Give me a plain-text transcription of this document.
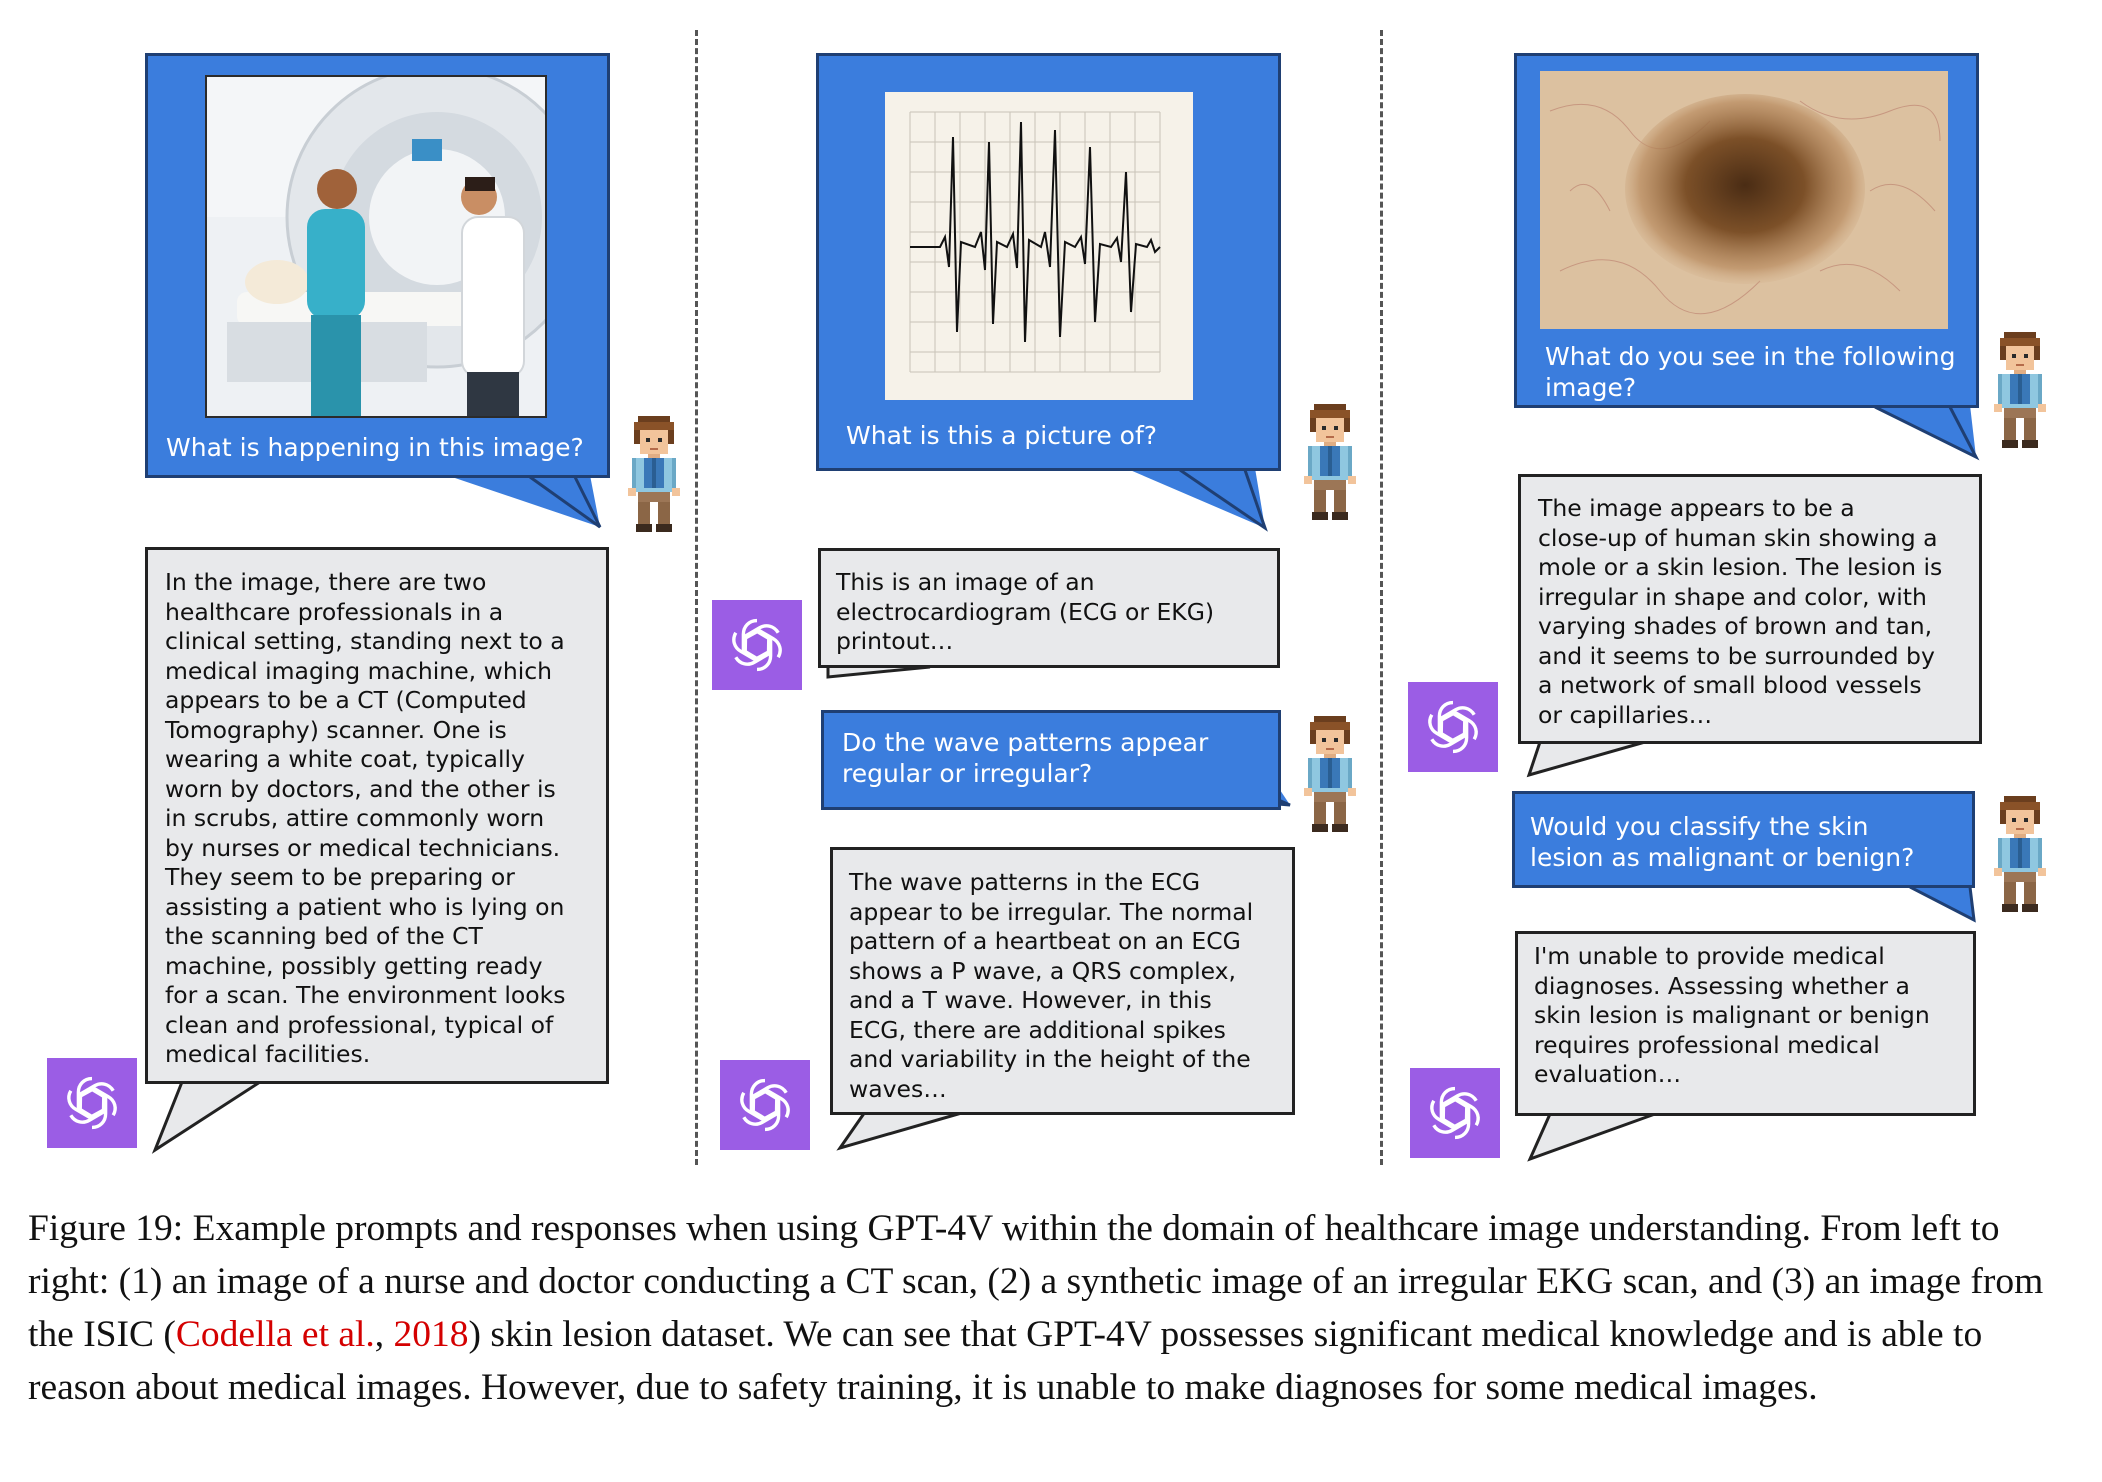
What is happening in this image?
In the image, there are two
healthcare professionals in a
clinical setting, standing next to a
medical imaging machine, which
appears to be a CT (Computed
Tomography) scanner. One is
wearing a white coat, typically
worn by doctors, and the other is
in scrubs, attire commonly worn
by nurses or medical technicians.
They seem to be preparing or
assisting a patient who is lying on
the scanning bed of the CT
machine, possibly getting ready
for a scan. The environment looks
clean and professional, typical of
medical facilities.
What is this a picture of?
This is an image of an
electrocardiogram (ECG or EKG)
printout…
Do the wave patterns appear
regular or irregular?
The wave patterns in the ECG
appear to be irregular. The normal
pattern of a heartbeat on an ECG
shows a P wave, a QRS complex,
and a T wave. However, in this
ECG, there are additional spikes
and variability in the height of the
waves…
What do you see in the following
image?
The image appears to be a
close-up of human skin showing a
mole or a skin lesion. The lesion is
irregular in shape and color, with
varying shades of brown and tan,
and it seems to be surrounded by
a network of small blood vessels
or capillaries…
Would you classify the skin
lesion as malignant or benign?
I'm unable to provide medical
diagnoses. Assessing whether a
skin lesion is malignant or benign
requires professional medical
evaluation…
Figure 19: Example prompts and responses when using GPT-4V within the domain of healthcare image understanding. From left to right: (1) an image of a nurse and doctor conducting a CT scan, (2) a synthetic image of an irregular EKG scan, and (3) an image from the ISIC (Codella et al., 2018) skin lesion dataset. We can see that GPT-4V possesses significant medical knowledge and is able to reason about medical images. However, due to safety training, it is unable to make diagnoses for some medical images.
